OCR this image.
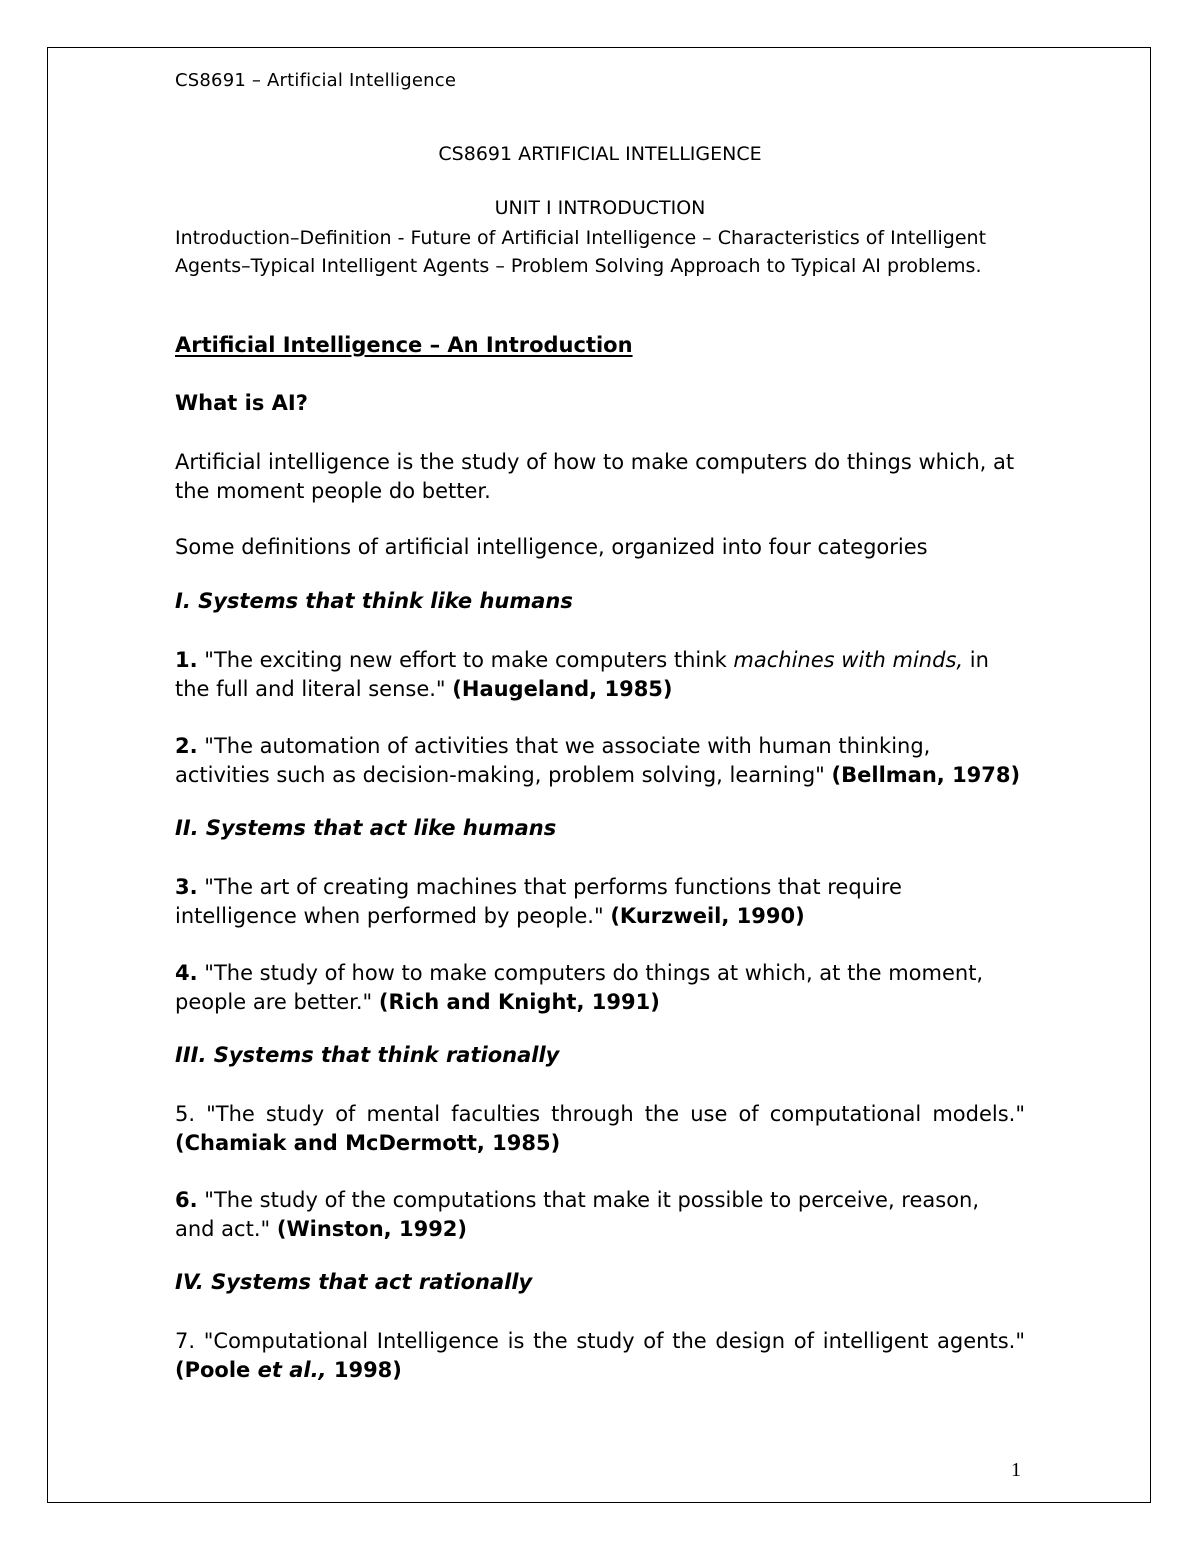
CS8691 – Artificial Intelligence

CS8691 ARTIFICIAL INTELLIGENCE

UNIT I INTRODUCTION

Introduction–Definition - Future of Artificial Intelligence – Characteristics of Intelligent
Agents–Typical Intelligent Agents – Problem Solving Approach to Typical AI problems.

Artificial Intelligence – An Introduction

What is AI?

Artificial intelligence is the study of how to make computers do things which, at the moment people do better.

Some definitions of artificial intelligence, organized into four categories

I. Systems that think like humans

1. "The exciting new effort to make computers think machines with minds, in the full and literal sense." (Haugeland, 1985)

2. "The automation of activities that we associate with human thinking, activities such as decision-making, problem solving, learning" (Bellman, 1978)

II. Systems that act like humans

3. "The art of creating machines that performs functions that require intelligence when performed by people." (Kurzweil, 1990)

4. "The study of how to make computers do things at which, at the moment, people are better." (Rich and Knight, 1991)

III. Systems that think rationally

5. "The study of mental faculties through the use of computational models." (Chamiak and McDermott, 1985)

6. "The study of the computations that make it possible to perceive, reason, and act." (Winston, 1992)

IV. Systems that act rationally

7. "Computational Intelligence is the study of the design of intelligent agents." (Poole et al., 1998)

1
